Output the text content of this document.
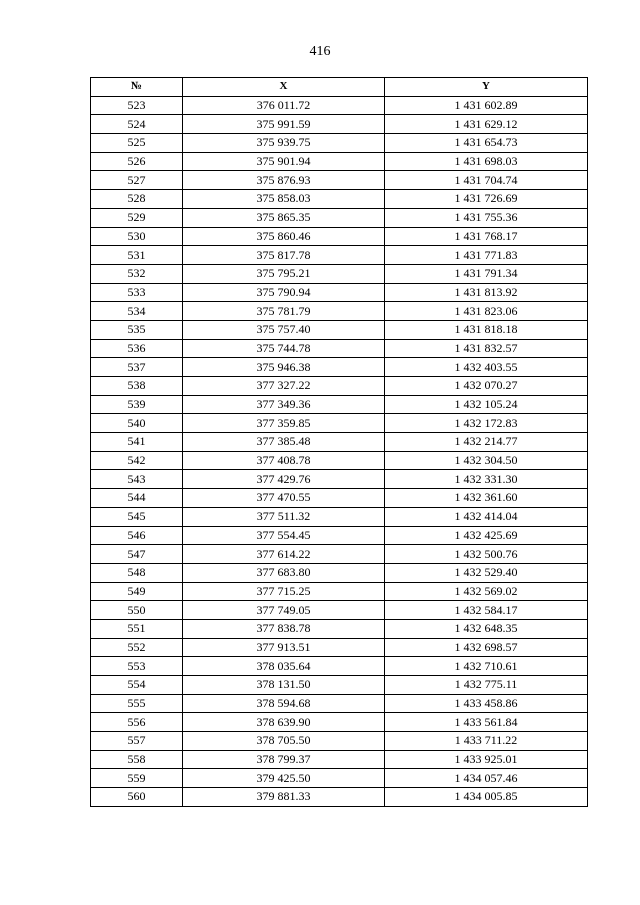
416
№	X	Y
523	376 011.72	1 431 602.89
524	375 991.59	1 431 629.12
525	375 939.75	1 431 654.73
526	375 901.94	1 431 698.03
527	375 876.93	1 431 704.74
528	375 858.03	1 431 726.69
529	375 865.35	1 431 755.36
530	375 860.46	1 431 768.17
531	375 817.78	1 431 771.83
532	375 795.21	1 431 791.34
533	375 790.94	1 431 813.92
534	375 781.79	1 431 823.06
535	375 757.40	1 431 818.18
536	375 744.78	1 431 832.57
537	375 946.38	1 432 403.55
538	377 327.22	1 432 070.27
539	377 349.36	1 432 105.24
540	377 359.85	1 432 172.83
541	377 385.48	1 432 214.77
542	377 408.78	1 432 304.50
543	377 429.76	1 432 331.30
544	377 470.55	1 432 361.60
545	377 511.32	1 432 414.04
546	377 554.45	1 432 425.69
547	377 614.22	1 432 500.76
548	377 683.80	1 432 529.40
549	377 715.25	1 432 569.02
550	377 749.05	1 432 584.17
551	377 838.78	1 432 648.35
552	377 913.51	1 432 698.57
553	378 035.64	1 432 710.61
554	378 131.50	1 432 775.11
555	378 594.68	1 433 458.86
556	378 639.90	1 433 561.84
557	378 705.50	1 433 711.22
558	378 799.37	1 433 925.01
559	379 425.50	1 434 057.46
560	379 881.33	1 434 005.85
